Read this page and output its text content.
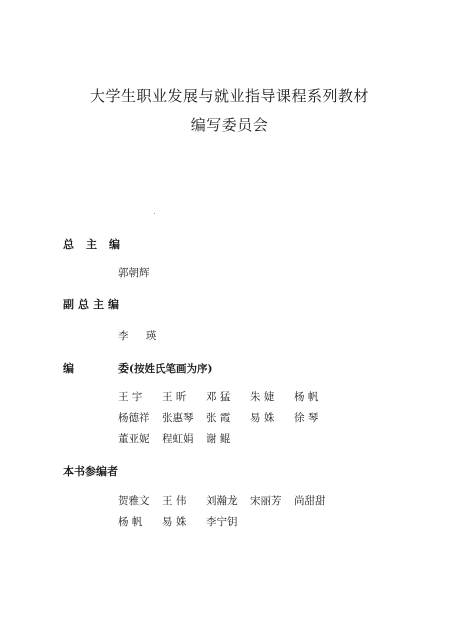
大学生职业发展与就业指导课程系列教材
编写委员会
总 主 编
郭朝辉
副 总 主 编
李 瑛
编	委(按姓氏笔画为序)
王 宇	王 昕	邓 猛	朱 婕	杨 帆
杨德祥	张惠琴	张 霞	易 姝	徐 琴
董亚妮	程虹娟	谢 鲲
本书参编者
贺雅文	王 伟	刘瀚龙	宋丽芳	尚甜甜
杨 帆	易 姝	李宁钥
